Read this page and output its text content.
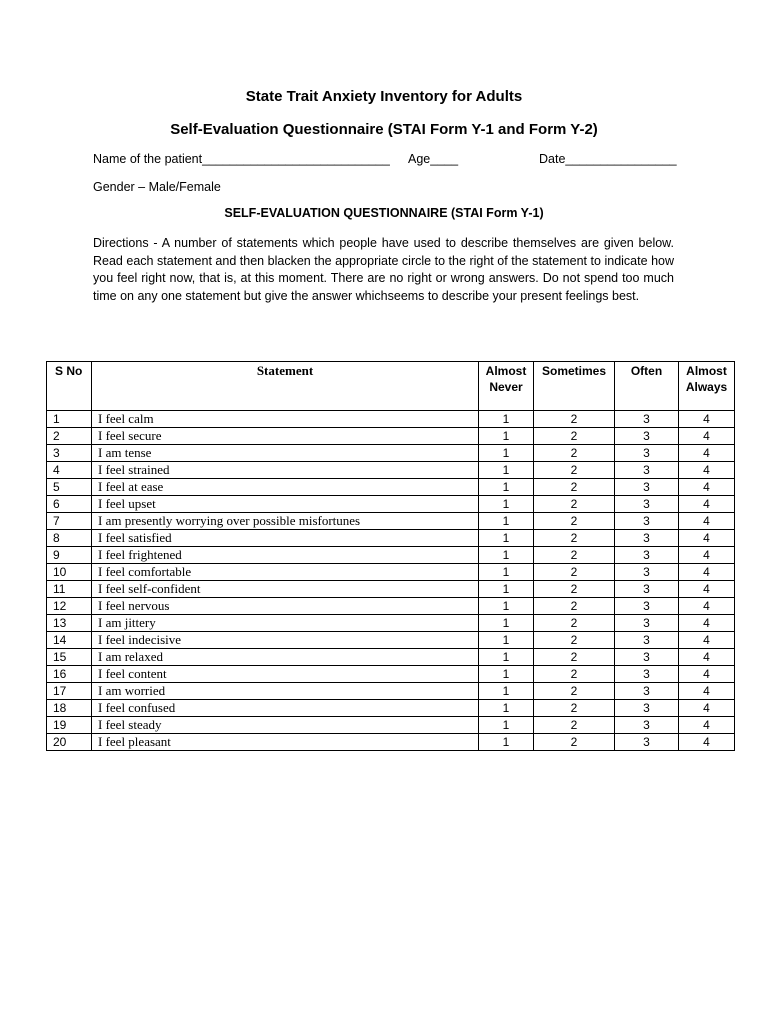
State Trait Anxiety Inventory for Adults
Self-Evaluation Questionnaire (STAI Form Y-1 and Form Y-2)
Name of the patient___________________________ Age____	Date________________
Gender – Male/Female
SELF-EVALUATION QUESTIONNAIRE (STAI Form Y-1)
Directions - A number of statements which people have used to describe themselves are given below. Read each statement and then blacken the appropriate circle to the right of the statement to indicate how you feel right now, that is, at this moment. There are no right or wrong answers. Do not spend too much time on any one statement but give the answer whichseems to describe your present feelings best.
S No	Statement	Almost Never	Sometimes	Often	Almost Always
1	I feel calm	1	2	3	4
2	I feel secure	1	2	3	4
3	I am tense	1	2	3	4
4	I feel strained	1	2	3	4
5	I feel at ease	1	2	3	4
6	I feel upset	1	2	3	4
7	I am presently worrying over possible misfortunes	1	2	3	4
8	I feel satisfied	1	2	3	4
9	I feel frightened	1	2	3	4
10	I feel comfortable	1	2	3	4
11	I feel self-confident	1	2	3	4
12	I feel nervous	1	2	3	4
13	I am jittery	1	2	3	4
14	I feel indecisive	1	2	3	4
15	I am relaxed	1	2	3	4
16	I feel content	1	2	3	4
17	I am worried	1	2	3	4
18	I feel confused	1	2	3	4
19	I feel steady	1	2	3	4
20	I feel pleasant	1	2	3	4
